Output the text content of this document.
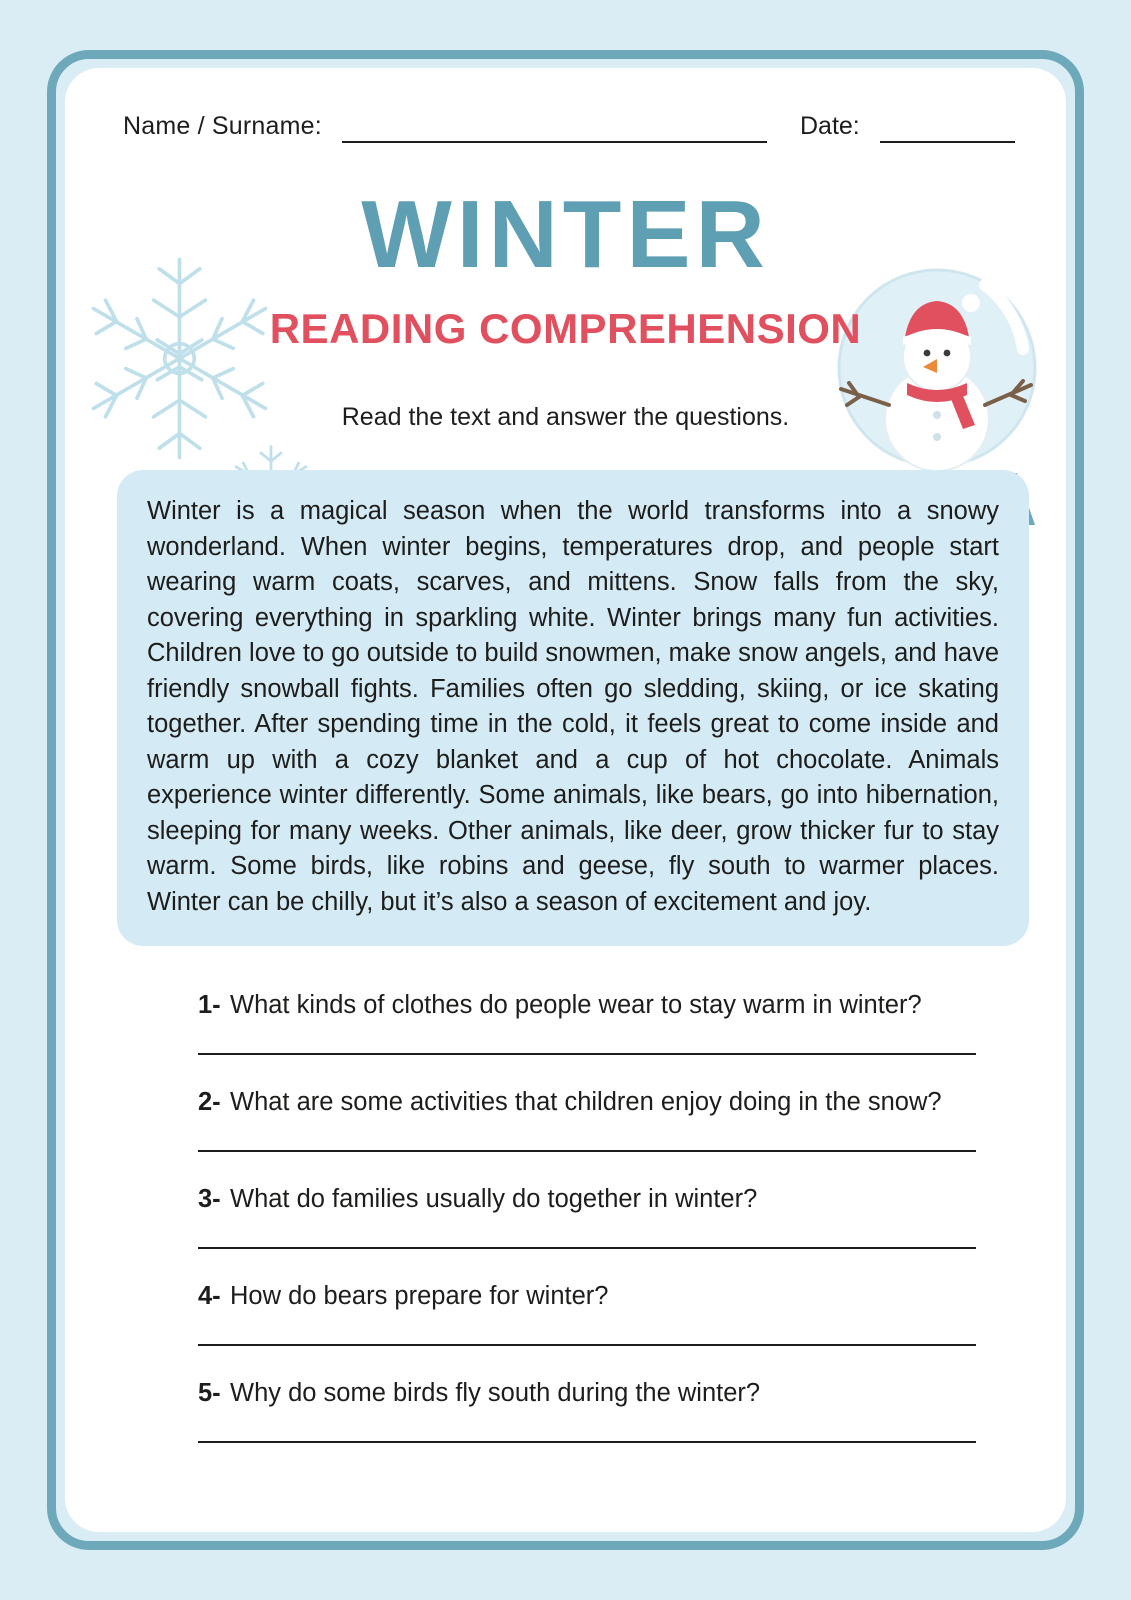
Name / Surname:	Date:
WINTER
READING COMPREHENSION
Read the text and answer the questions.

Winter is a magical season when the world transforms into a snowy wonderland. When winter begins, temperatures drop, and people start wearing warm coats, scarves, and mittens. Snow falls from the sky, covering everything in sparkling white. Winter brings many fun activities. Children love to go outside to build snowmen, make snow angels, and have friendly snowball fights. Families often go sledding, skiing, or ice skating together. After spending time in the cold, it feels great to come inside and warm up with a cozy blanket and a cup of hot chocolate. Animals experience winter differently. Some animals, like bears, go into hibernation, sleeping for many weeks. Other animals, like deer, grow thicker fur to stay warm. Some birds, like robins and geese, fly south to warmer places. Winter can be chilly, but it’s also a season of excitement and joy.

1- What kinds of clothes do people wear to stay warm in winter?
2- What are some activities that children enjoy doing in the snow?
3- What do families usually do together in winter?
4- How do bears prepare for winter?
5- Why do some birds fly south during the winter?
